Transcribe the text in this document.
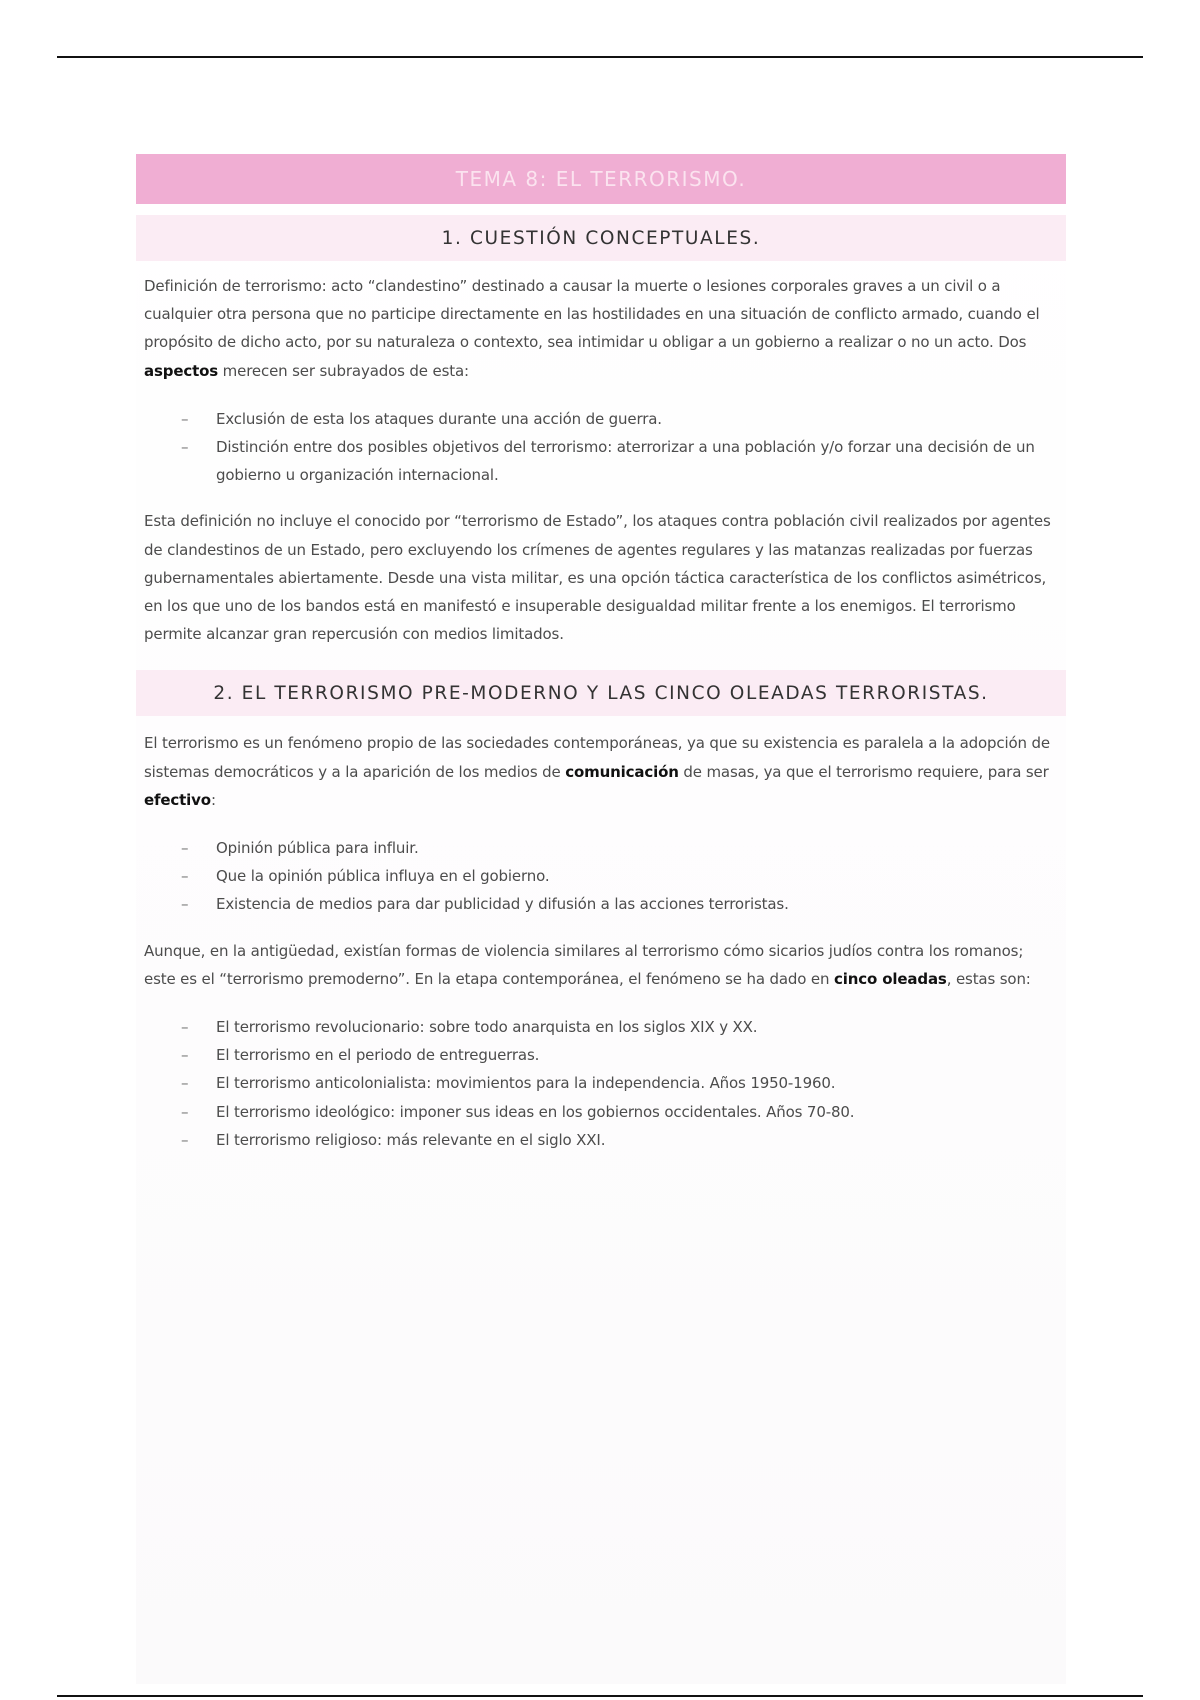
TEMA 8: EL TERRORISMO.
1. CUESTIÓN CONCEPTUALES.

Definición de terrorismo: acto “clandestino” destinado a causar la muerte o lesiones corporales graves a un civil o a cualquier otra persona que no participe directamente en las hostilidades en una situación de conflicto armado, cuando el propósito de dicho acto, por su naturaleza o contexto, sea intimidar u obligar a un gobierno a realizar o no un acto. Dos aspectos merecen ser subrayados de esta:

– Exclusión de esta los ataques durante una acción de guerra.
– Distinción entre dos posibles objetivos del terrorismo: aterrorizar a una población y/o forzar una decisión de un gobierno u organización internacional.

Esta definición no incluye el conocido por “terrorismo de Estado”, los ataques contra población civil realizados por agentes de clandestinos de un Estado, pero excluyendo los crímenes de agentes regulares y las matanzas realizadas por fuerzas gubernamentales abiertamente. Desde una vista militar, es una opción táctica característica de los conflictos asimétricos, en los que uno de los bandos está en manifestó e insuperable desigualdad militar frente a los enemigos. El terrorismo permite alcanzar gran repercusión con medios limitados.

2. EL TERRORISMO PRE-MODERNO Y LAS CINCO OLEADAS TERRORISTAS.

El terrorismo es un fenómeno propio de las sociedades contemporáneas, ya que su existencia es paralela a la adopción de sistemas democráticos y a la aparición de los medios de comunicación de masas, ya que el terrorismo requiere, para ser efectivo:

– Opinión pública para influir.
– Que la opinión pública influya en el gobierno.
– Existencia de medios para dar publicidad y difusión a las acciones terroristas.

Aunque, en la antigüedad, existían formas de violencia similares al terrorismo cómo sicarios judíos contra los romanos; este es el “terrorismo premoderno”. En la etapa contemporánea, el fenómeno se ha dado en cinco oleadas, estas son:

– El terrorismo revolucionario: sobre todo anarquista en los siglos XIX y XX.
– El terrorismo en el periodo de entreguerras.
– El terrorismo anticolonialista: movimientos para la independencia. Años 1950-1960.
– El terrorismo ideológico: imponer sus ideas en los gobiernos occidentales. Años 70-80.
– El terrorismo religioso: más relevante en el siglo XXI.
